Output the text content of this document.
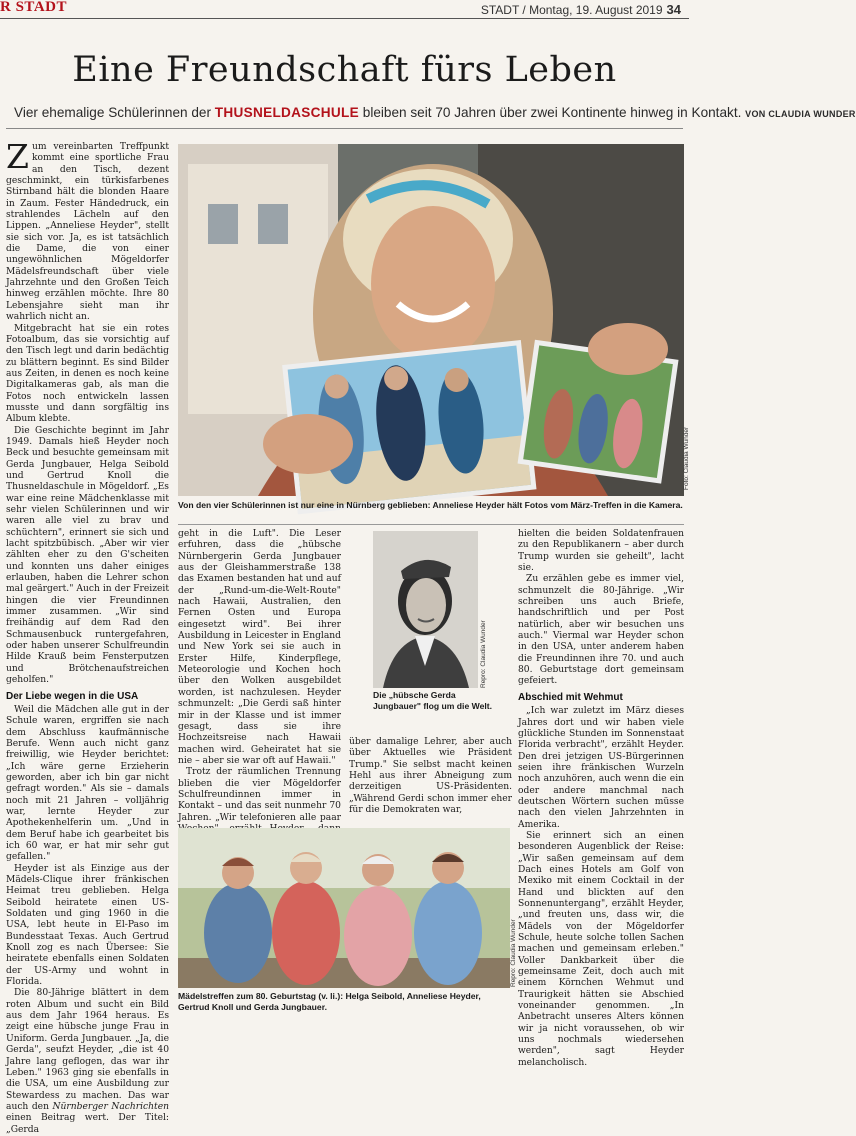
R STADT	STADT / Montag, 19. August 2019 34
Eine Freundschaft fürs Leben
Vier ehemalige Schülerinnen der THUSNELDASCHULE bleiben seit 70 Jahren über zwei Kontinente hinweg in Kontakt. VON CLAUDIA WUNDER

Zum vereinbarten Treffpunkt kommt eine sportliche Frau an den Tisch, dezent geschminkt, ein türkisfarbenes Stirnband hält die blonden Haare in Zaum. Fester Händedruck, ein strahlendes Lächeln auf den Lippen. „Anneliese Heyder", stellt sie sich vor. Ja, es ist tatsächlich die Dame, die von einer ungewöhnlichen Mögeldorfer Mädelsfreundschaft über viele Jahrzehnte und den Großen Teich hinweg erzählen möchte. Ihre 80 Lebensjahre sieht man ihr wahrlich nicht an.

Mitgebracht hat sie ein rotes Fotoalbum, das sie vorsichtig auf den Tisch legt und darin bedächtig zu blättern beginnt. Es sind Bilder aus Zeiten, in denen es noch keine Digitalkameras gab, als man die Fotos noch entwickeln lassen musste und dann sorgfältig ins Album klebte.

Die Geschichte beginnt im Jahr 1949. Damals hieß Heyder noch Beck und besuchte gemeinsam mit Gerda Jungbauer, Helga Seibold und Gertrud Knoll die Thusneldaschule in Mögeldorf. „Es war eine reine Mädchenklasse mit sehr vielen Schülerinnen und wir waren alle viel zu brav und schüchtern", erinnert sie sich und lacht spitzbübisch. „Aber wir vier zählten eher zu den G'scheiten und konnten uns daher einiges erlauben, haben die Lehrer schon mal geärgert." Auch in der Freizeit hingen die vier Freundinnen immer zusammen. „Wir sind freihändig auf dem Rad den Schmausenbuck runtergefahren, oder haben unserer Schulfreundin Hilde Krauß beim Fensterputzen und Brötchenaufstreichen geholfen."

Der Liebe wegen in die USA

Weil die Mädchen alle gut in der Schule waren, ergriffen sie nach dem Abschluss kaufmännische Berufe. Wenn auch nicht ganz freiwillig, wie Heyder berichtet: „Ich wäre gerne Erzieherin geworden, aber ich bin gar nicht gefragt worden." Als sie – damals noch mit 21 Jahren – volljährig war, lernte Heyder zur Apothekenhelferin um. „Und in dem Beruf habe ich gearbeitet bis ich 60 war, er hat mir sehr gut gefallen."

Heyder ist als Einzige aus der Mädels-Clique ihrer fränkischen Heimat treu geblieben. Helga Seibold heiratete einen US-Soldaten und ging 1960 in die USA, lebt heute in El-Paso im Bundesstaat Texas. Auch Gertrud Knoll zog es nach Übersee: Sie heiratete ebenfalls einen Soldaten der US-Army und wohnt in Florida.

Die 80-Jährige blättert in dem roten Album und sucht ein Bild aus dem Jahr 1964 heraus. Es zeigt eine hübsche junge Frau in Uniform. Gerda Jungbauer. „Ja, die Gerda", seufzt Heyder, „die ist 40 Jahre lang geflogen, das war ihr Leben." 1963 ging sie ebenfalls in die USA, um eine Ausbildung zur Stewardess zu machen. Das war auch den Nürnberger Nachrichten einen Beitrag wert. Der Titel: „Gerda

Foto: Claudia Wunder
Von den vier Schülerinnen ist nur eine in Nürnberg geblieben: Anneliese Heyder hält Fotos vom März-Treffen in die Kamera.

geht in die Luft". Die Leser erfuhren, dass die „hübsche Nürnbergerin Gerda Jungbauer aus der Gleishammerstraße 138 das Examen bestanden hat und auf der „Rund-um-die-Welt-Route" nach Hawaii, Australien, den Fernen Osten und Europa eingesetzt wird". Bei ihrer Ausbildung in Leicester in England und New York sei sie auch in Erster Hilfe, Kinderpflege, Meteorologie und Kochen hoch über den Wolken ausgebildet worden, ist nachzulesen. Heyder schmunzelt: „Die Gerdi saß hinter mir in der Klasse und ist immer gesagt, dass sie ihre Hochzeitsreise nach Hawaii machen wird. Geheiratet hat sie nie – aber sie war oft auf Hawaii."

Trotz der räumlichen Trennung blieben die vier Mögeldorfer Schulfreundinnen immer in Kontakt – und das seit nunmehr 70 Jahren. „Wir telefonieren alle paar

Repro: Claudia Wunder
Die „hübsche Gerda Jungbauer" flog um die Welt.

über damalige Lehrer, aber auch über Aktuelles wie Präsident Trump." Sie selbst macht keinen Hehl aus ihrer Abneigung zum derzeitigen US-Präsidenten. „Während Gerdi schon immer eher für die Demokraten war,

hielten die beiden Soldatenfrauen zu den Republikanern – aber durch Trump wurden sie geheilt", lacht sie.

Zu erzählen gebe es immer viel, schmunzelt die 80-Jährige. „Wir schreiben uns auch Briefe, handschriftlich und per Post natürlich, aber wir besuchen uns auch." Viermal war Heyder schon in den USA, unter anderem haben die Freundinnen ihre 70. und auch 80. Geburtstage dort gemeinsam gefeiert.

Abschied mit Wehmut

„Ich war zuletzt im März dieses Jahres dort und wir haben viele glückliche Stunden im Sonnenstaat Florida verbracht", erzählt Heyder. Den drei jetzigen US-Bürgerinnen seien ihre fränkischen Wurzeln noch anzuhören, auch wenn die ein oder andere manchmal nach deutschen Wörtern suchen müsse nach den vielen Jahrzehnten in Amerika.

Sie erinnert sich an einen besonderen Augenblick der Reise: „Wir saßen gemeinsam auf dem Dach eines Hotels am Golf von Mexiko mit einem Cocktail in der Hand und blickten auf den Sonnenuntergang", erzählt Heyder, „und freuten uns, dass wir, die Mädels von der Mögeldorfer Schule, heute solche tollen Sachen machen und gemeinsam erleben." Voller Dankbarkeit über die gemeinsame Zeit, doch auch mit einem Körnchen Wehmut und Traurigkeit hätten sie Abschied voneinander genommen. „In Anbetracht unseres Alters können wir ja nicht voraussehen, ob wir uns nochmals wiedersehen werden", sagt Heyder melancholisch.

Repro: Claudia Wunder
Mädelstreffen zum 80. Geburtstag (v. li.): Helga Seibold, Anneliese Heyder, Gertrud Knoll und Gerda Jungbauer.
